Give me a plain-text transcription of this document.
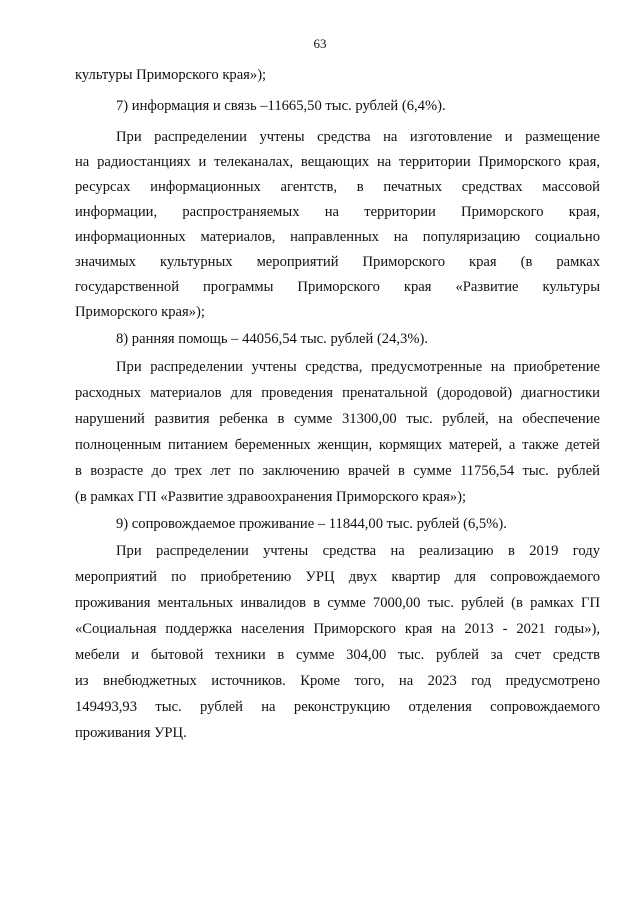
63
культуры Приморского края»);
7) информация и связь –11665,50 тыс. рублей (6,4%).
При распределении учтены средства на изготовление и размещение
на радиостанциях и телеканалах, вещающих на территории Приморского края,
ресурсах информационных агентств, в печатных средствах массовой
информации, распространяемых на территории Приморского края,
информационных материалов, направленных на популяризацию социально
значимых культурных мероприятий Приморского края (в рамках
государственной программы Приморского края «Развитие культуры
Приморского края»);
8) ранняя помощь – 44056,54 тыс. рублей (24,3%).
При распределении учтены средства, предусмотренные на приобретение
расходных материалов для проведения пренатальной (дородовой) диагностики
нарушений развития ребенка в сумме 31300,00 тыс. рублей, на обеспечение
полноценным питанием беременных женщин, кормящих матерей, а также детей
в возрасте до трех лет по заключению врачей в сумме 11756,54 тыс. рублей
(в рамках ГП «Развитие здравоохранения Приморского края»);
9) сопровождаемое проживание – 11844,00 тыс. рублей (6,5%).
При распределении учтены средства на реализацию в 2019 году
мероприятий по приобретению УРЦ двух квартир для сопровождаемого
проживания ментальных инвалидов в сумме 7000,00 тыс. рублей (в рамках ГП
«Социальная поддержка населения Приморского края на 2013 - 2021 годы»),
мебели и бытовой техники в сумме 304,00 тыс. рублей за счет средств
из внебюджетных источников. Кроме того, на 2023 год предусмотрено
149493,93 тыс. рублей на реконструкцию отделения сопровождаемого
проживания УРЦ.
